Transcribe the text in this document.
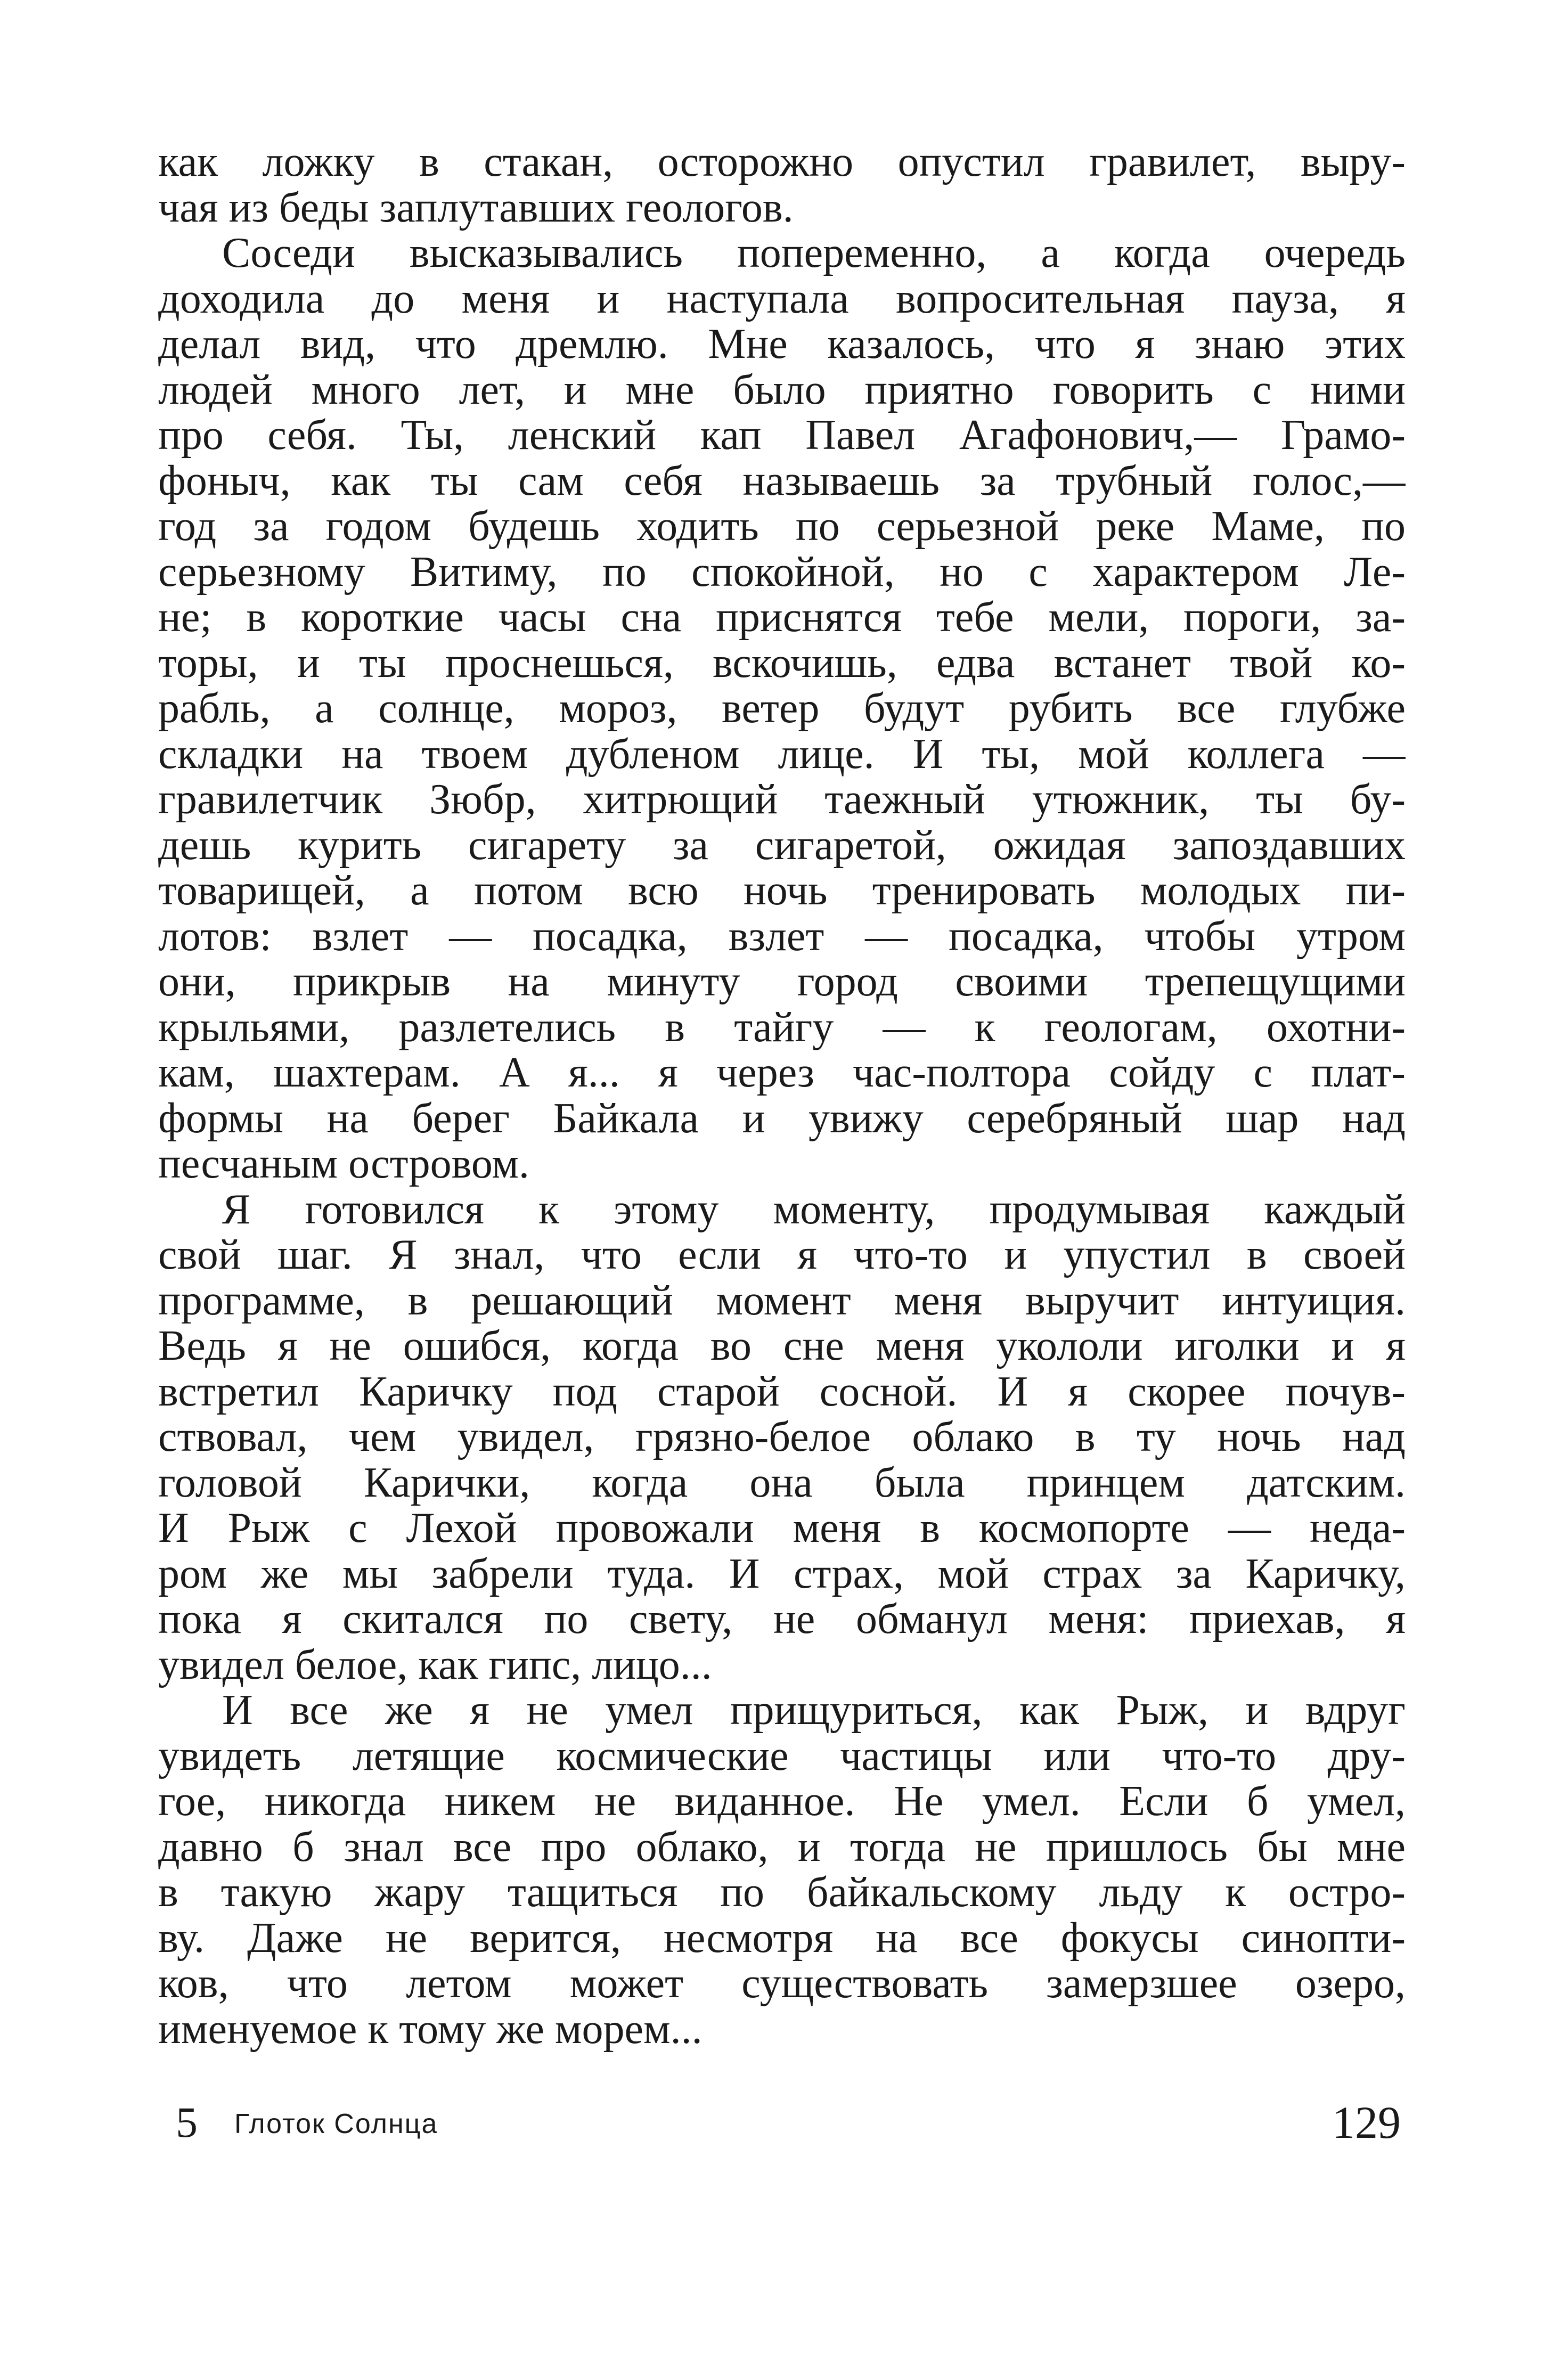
как ложку в стакан, осторожно опустил гравилет, выру-
чая из беды заплутавших геологов.
Соседи высказывались попеременно, а когда очередь
доходила до меня и наступала вопросительная пауза, я
делал вид, что дремлю. Мне казалось, что я знаю этих
людей много лет, и мне было приятно говорить с ними
про себя. Ты, ленский кап Павел Агафонович,— Грамо-
фоныч, как ты сам себя называешь за трубный голос,—
год за годом будешь ходить по серьезной реке Маме, по
серьезному Витиму, по спокойной, но с характером Ле-
не; в короткие часы сна приснятся тебе мели, пороги, за-
торы, и ты проснешься, вскочишь, едва встанет твой ко-
рабль, а солнце, мороз, ветер будут рубить все глубже
складки на твоем дубленом лице. И ты, мой коллега —
гравилетчик Зюбр, хитрющий таежный утюжник, ты бу-
дешь курить сигарету за сигаретой, ожидая запоздавших
товарищей, а потом всю ночь тренировать молодых пи-
лотов: взлет — посадка, взлет — посадка, чтобы утром
они, прикрыв на минуту город своими трепещущими
крыльями, разлетелись в тайгу — к геологам, охотни-
кам, шахтерам. А я... я через час-полтора сойду с плат-
формы на берег Байкала и увижу серебряный шар над
песчаным островом.
Я готовился к этому моменту, продумывая каждый
свой шаг. Я знал, что если я что-то и упустил в своей
программе, в решающий момент меня выручит интуиция.
Ведь я не ошибся, когда во сне меня укололи иголки и я
встретил Каричку под старой сосной. И я скорее почув-
ствовал, чем увидел, грязно-белое облако в ту ночь над
головой Карички, когда она была принцем датским.
И Рыж с Лехой провожали меня в космопорте — неда-
ром же мы забрели туда. И страх, мой страх за Каричку,
пока я скитался по свету, не обманул меня: приехав, я
увидел белое, как гипс, лицо...
И все же я не умел прищуриться, как Рыж, и вдруг
увидеть летящие космические частицы или что-то дру-
гое, никогда никем не виданное. Не умел. Если б умел,
давно б знал все про облако, и тогда не пришлось бы мне
в такую жару тащиться по байкальскому льду к остро-
ву. Даже не верится, несмотря на все фокусы синопти-
ков, что летом может существовать замерзшее озеро,
именуемое к тому же морем...
5 Глоток Солнца	129
